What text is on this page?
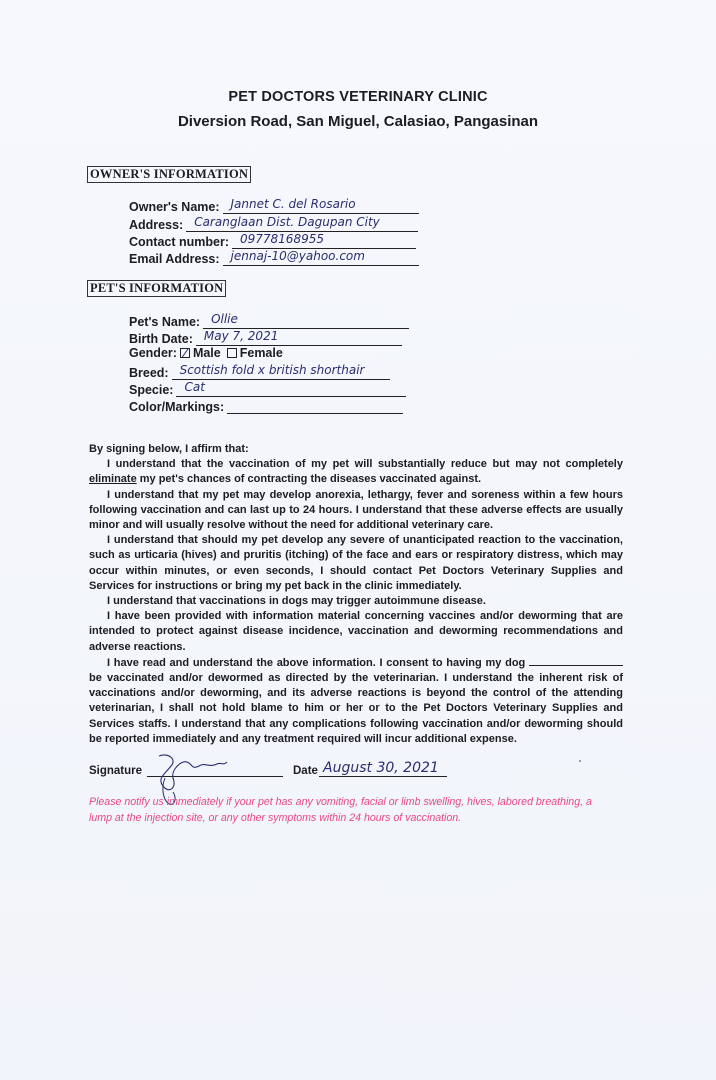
PET DOCTORS VETERINARY CLINIC
Diversion Road, San Miguel, Calasiao, Pangasinan
OWNER'S INFORMATION
Owner's Name: Jannet C. del Rosario
Address: Caranglaan Dist. Dagupan City
Contact number: 09778168955
Email Address: jennaj-10@yahoo.com
PET'S INFORMATION
Pet's Name: Ollie
Birth Date: May 7, 2021
Gender: Male Female
Breed: Scottish fold x british shorthair
Specie: Cat
Color/Markings:

By signing below, I affirm that:

I understand that the vaccination of my pet will substantially reduce but may not completely eliminate my pet's chances of contracting the diseases vaccinated against.

I understand that my pet may develop anorexia, lethargy, fever and soreness within a few hours following vaccination and can last up to 24 hours. I understand that these adverse effects are usually minor and will usually resolve without the need for additional veterinary care.

I understand that should my pet develop any severe of unanticipated reaction to the vaccination, such as urticaria (hives) and pruritis (itching) of the face and ears or respiratory distress, which may occur within minutes, or even seconds, I should contact Pet Doctors Veterinary Supplies and Services for instructions or bring my pet back in the clinic immediately.

I understand that vaccinations in dogs may trigger autoimmune disease.

I have been provided with information material concerning vaccines and/or deworming that are intended to protect against disease incidence, vaccination and deworming recommendations and adverse reactions.

I have read and understand the above information. I consent to having my dog  be vaccinated and/or dewormed as directed by the veterinarian. I understand the inherent risk of vaccinations and/or deworming, and its adverse reactions is beyond the control of the attending veterinarian, I shall not hold blame to him or her or to the Pet Doctors Veterinary Supplies and Services staffs. I understand that any complications following vaccination and/or deworming should be reported immediately and any treatment required will incur additional expense.

Signature	Date August 30, 2021
Please notify us immediately if your pet has any vomiting, facial or limb swelling, hives, labored breathing, a lump at the injection site, or any other symptoms within 24 hours of vaccination.
